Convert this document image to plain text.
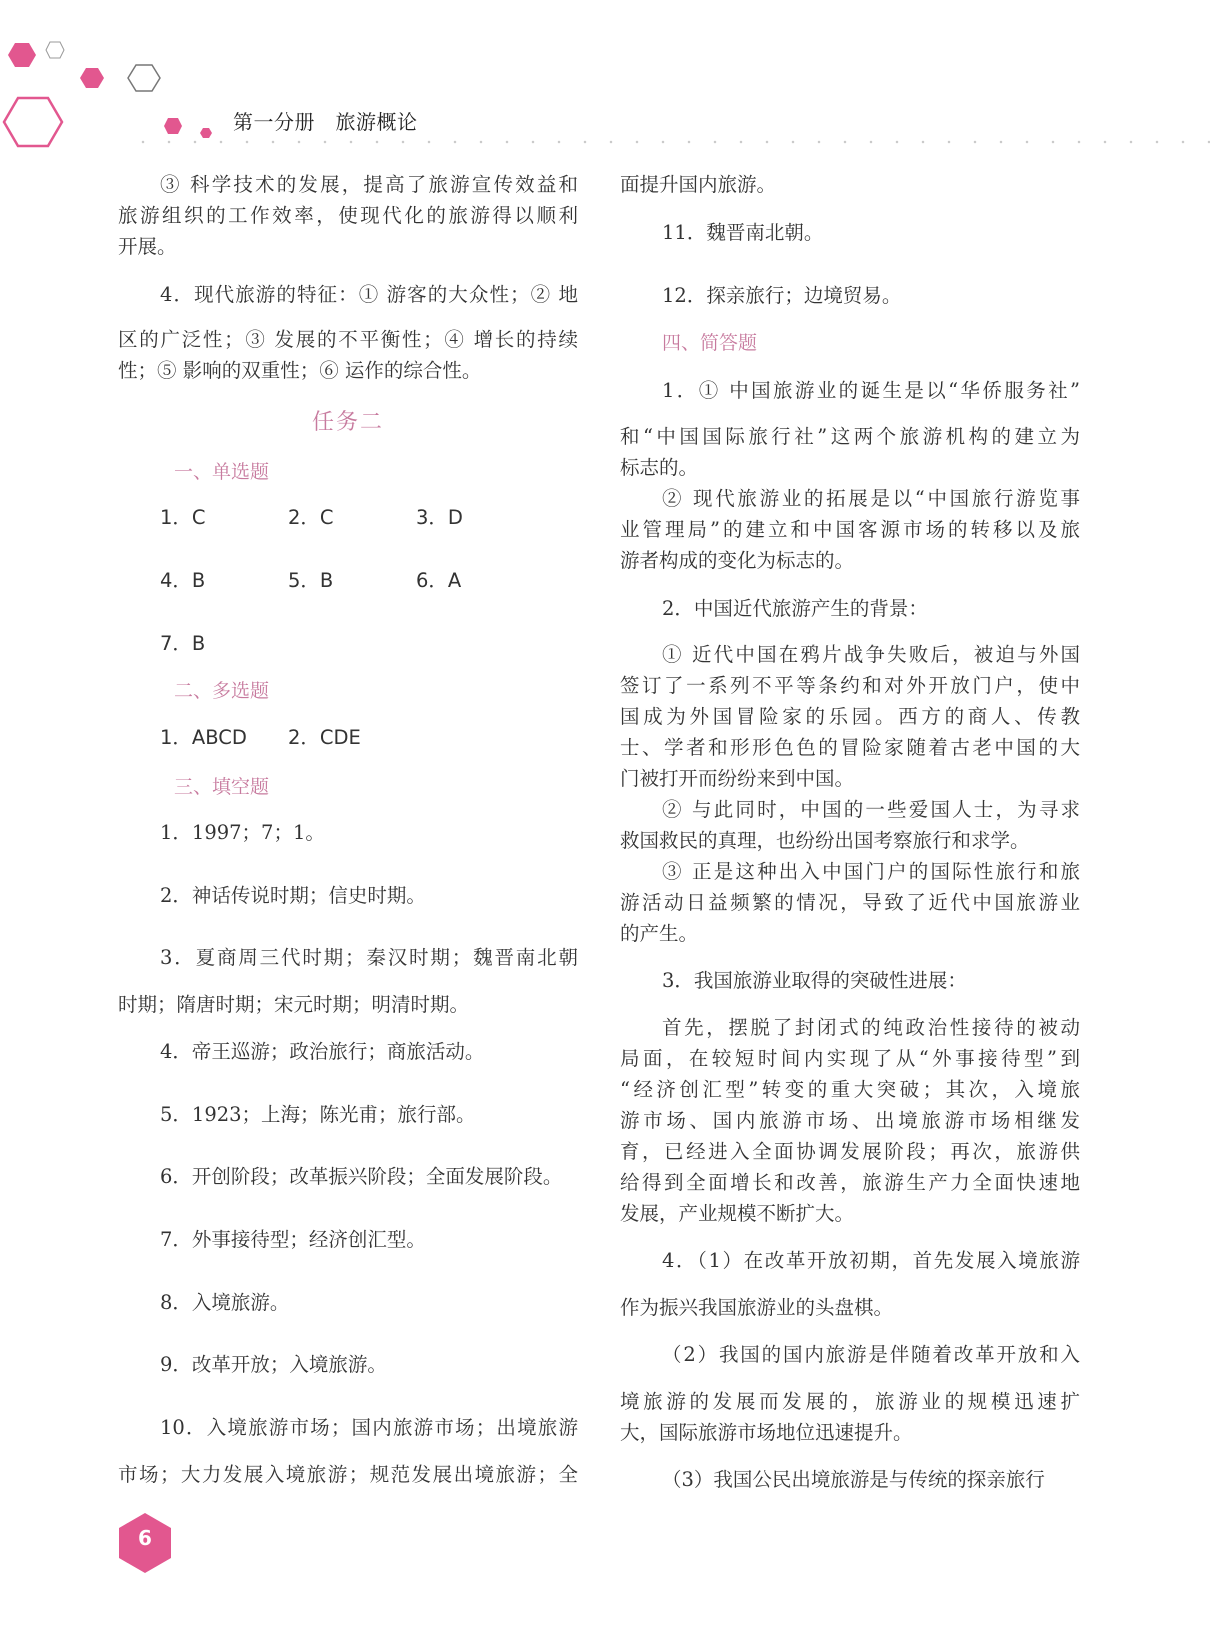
第一分册　旅游概论
③ 科学技术的发展，提高了旅游宣传效益和
旅游组织的工作效率，使现代化的旅游得以顺利
开展。
4．现代旅游的特征：① 游客的大众性；② 地
区的广泛性；③ 发展的不平衡性；④ 增长的持续
性；⑤ 影响的双重性；⑥ 运作的综合性。
任务二
一、单选题
1．C	2．C	3．D
4．B	5．B	6．A
7．B
二、多选题
1．ABCD 2．CDE
三、填空题
1．1997；7；1。
2．神话传说时期；信史时期。
3．夏商周三代时期；秦汉时期；魏晋南北朝
时期；隋唐时期；宋元时期；明清时期。
4．帝王巡游；政治旅行；商旅活动。
5．1923；上海；陈光甫；旅行部。
6．开创阶段；改革振兴阶段；全面发展阶段。
7．外事接待型；经济创汇型。
8．入境旅游。
9．改革开放；入境旅游。
10．入境旅游市场；国内旅游市场；出境旅游
市场；大力发展入境旅游；规范发展出境旅游；全
面提升国内旅游。
11．魏晋南北朝。
12．探亲旅行；边境贸易。
四、简答题
1．① 中国旅游业的诞生是以“华侨服务社”
和“中国国际旅行社”这两个旅游机构的建立为
标志的。
② 现代旅游业的拓展是以“中国旅行游览事
业管理局”的建立和中国客源市场的转移以及旅
游者构成的变化为标志的。
2．中国近代旅游产生的背景：
① 近代中国在鸦片战争失败后，被迫与外国
签订了一系列不平等条约和对外开放门户，使中
国成为外国冒险家的乐园。西方的商人、传教
士、学者和形形色色的冒险家随着古老中国的大
门被打开而纷纷来到中国。
② 与此同时，中国的一些爱国人士，为寻求
救国救民的真理，也纷纷出国考察旅行和求学。
③ 正是这种出入中国门户的国际性旅行和旅
游活动日益频繁的情况，导致了近代中国旅游业
的产生。
3．我国旅游业取得的突破性进展：
首先，摆脱了封闭式的纯政治性接待的被动
局面，在较短时间内实现了从“外事接待型”到
“经济创汇型”转变的重大突破；其次，入境旅
游市场、国内旅游市场、出境旅游市场相继发
育，已经进入全面协调发展阶段；再次，旅游供
给得到全面增长和改善，旅游生产力全面快速地
发展，产业规模不断扩大。
4．（1）在改革开放初期，首先发展入境旅游
作为振兴我国旅游业的头盘棋。
（2）我国的国内旅游是伴随着改革开放和入
境旅游的发展而发展的，旅游业的规模迅速扩
大，国际旅游市场地位迅速提升。
（3）我国公民出境旅游是与传统的探亲旅行
6
